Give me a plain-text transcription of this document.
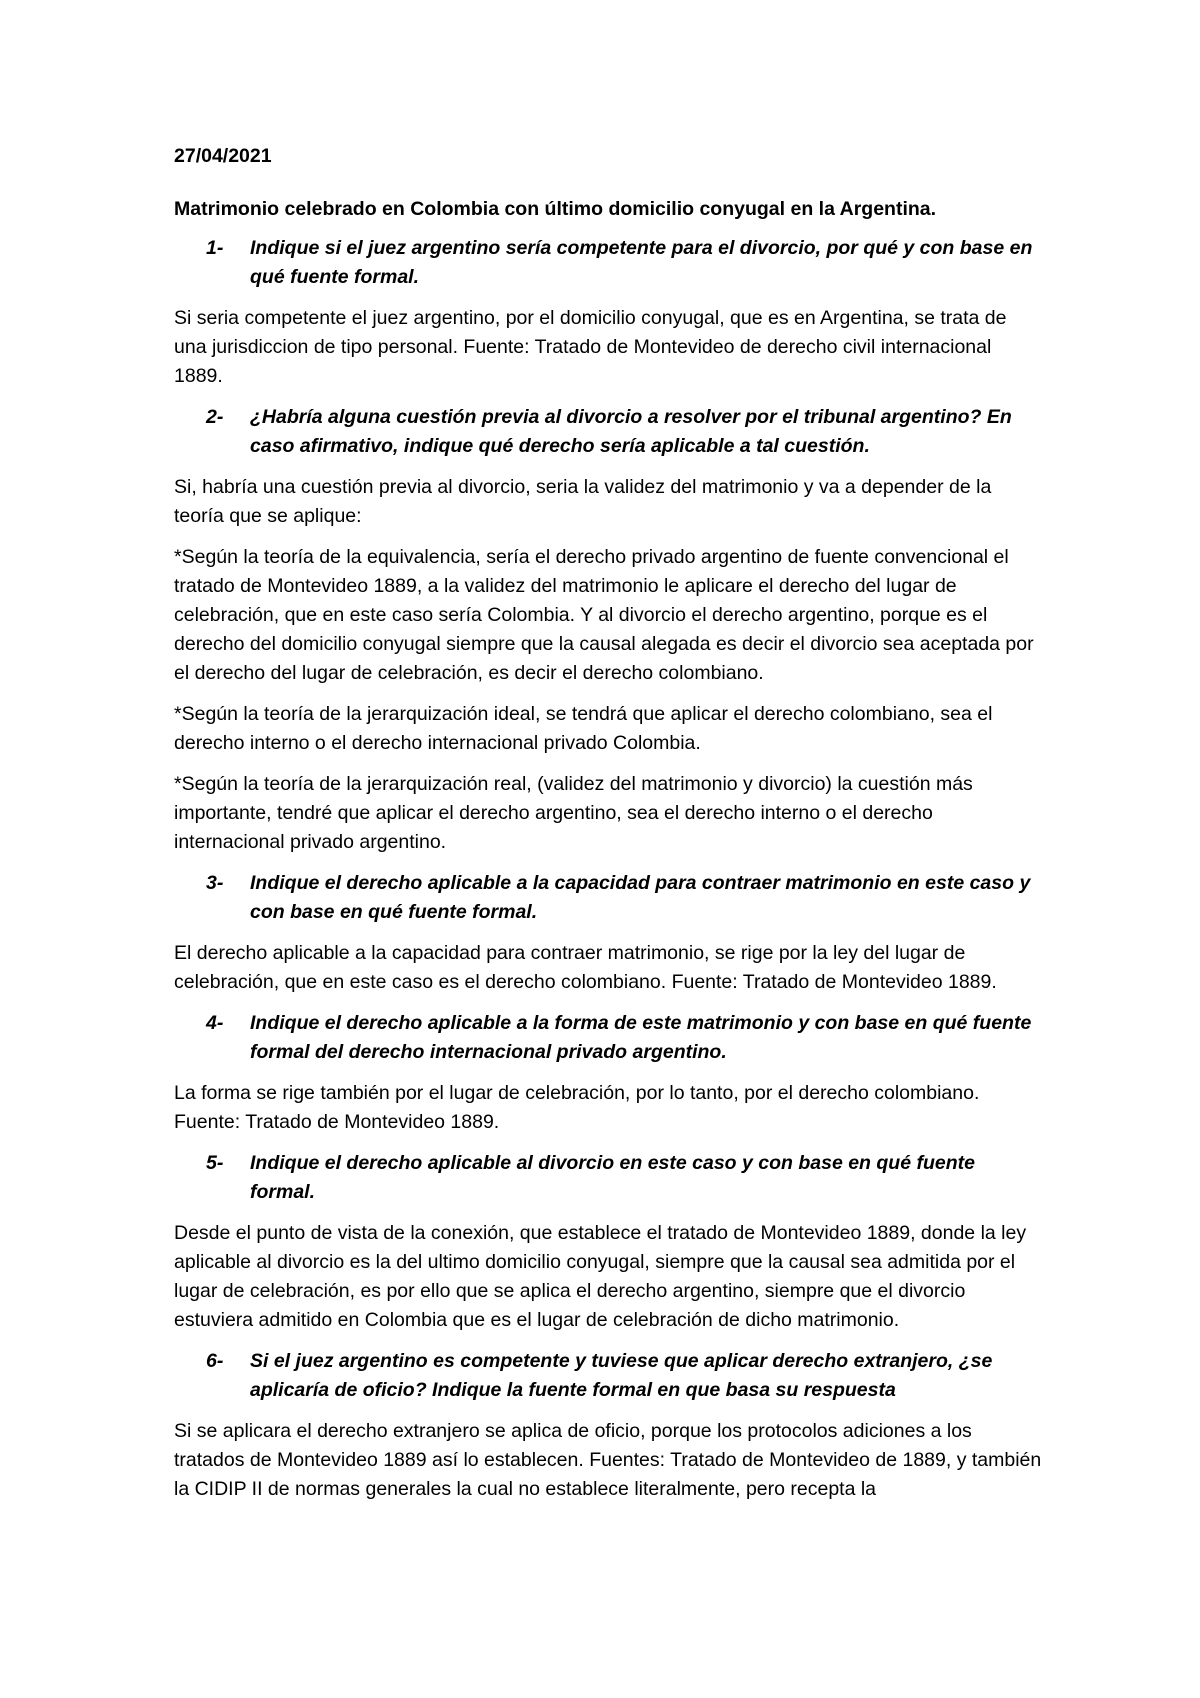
27/04/2021
Matrimonio celebrado en Colombia con último domicilio conyugal en la Argentina.
1-	Indique si el juez argentino sería competente para el divorcio, por qué y con base en qué fuente formal.
Si seria competente el juez argentino, por el domicilio conyugal, que es en Argentina, se trata de una jurisdiccion de tipo personal. Fuente: Tratado de Montevideo de derecho civil internacional 1889.
2-	¿Habría alguna cuestión previa al divorcio a resolver por el tribunal argentino? En caso afirmativo, indique qué derecho sería aplicable a tal cuestión.
Si, habría una cuestión previa al divorcio, seria la validez del matrimonio y va a depender de la teoría que se aplique:
*Según la teoría de la equivalencia, sería el derecho privado argentino de fuente convencional el tratado de Montevideo 1889, a la validez del matrimonio le aplicare el derecho del lugar de celebración, que en este caso sería Colombia. Y al divorcio el derecho argentino, porque es el derecho del domicilio conyugal siempre que la causal alegada es decir el divorcio sea aceptada por el derecho del lugar de celebración, es decir el derecho colombiano.
*Según la teoría de la jerarquización ideal, se tendrá que aplicar el derecho colombiano, sea el derecho interno o el derecho internacional privado Colombia.
*Según la teoría de la jerarquización real, (validez del matrimonio y divorcio) la cuestión más importante, tendré que aplicar el derecho argentino, sea el derecho interno o el derecho internacional privado argentino.
3-	Indique el derecho aplicable a la capacidad para contraer matrimonio en este caso y con base en qué fuente formal.
El derecho aplicable a la capacidad para contraer matrimonio, se rige por la ley del lugar de celebración, que en este caso es el derecho colombiano. Fuente: Tratado de Montevideo 1889.
4-	Indique el derecho aplicable a la forma de este matrimonio y con base en qué fuente formal del derecho internacional privado argentino.
La forma se rige también por el lugar de celebración, por lo tanto, por el derecho colombiano. Fuente: Tratado de Montevideo 1889.
5-	Indique el derecho aplicable al divorcio en este caso y con base en qué fuente formal.
Desde el punto de vista de la conexión, que establece el tratado de Montevideo 1889, donde la ley aplicable al divorcio es la del ultimo domicilio conyugal, siempre que la causal sea admitida por el lugar de celebración, es por ello que se aplica el derecho argentino, siempre que el divorcio estuviera admitido en Colombia que es el lugar de celebración de dicho matrimonio.
6-	Si el juez argentino es competente y tuviese que aplicar derecho extranjero, ¿se aplicaría de oficio? Indique la fuente formal en que basa su respuesta
Si se aplicara el derecho extranjero se aplica de oficio, porque los protocolos adiciones a los tratados de Montevideo 1889 así lo establecen. Fuentes: Tratado de Montevideo de 1889, y también la CIDIP II de normas generales la cual no establece literalmente, pero recepta la
